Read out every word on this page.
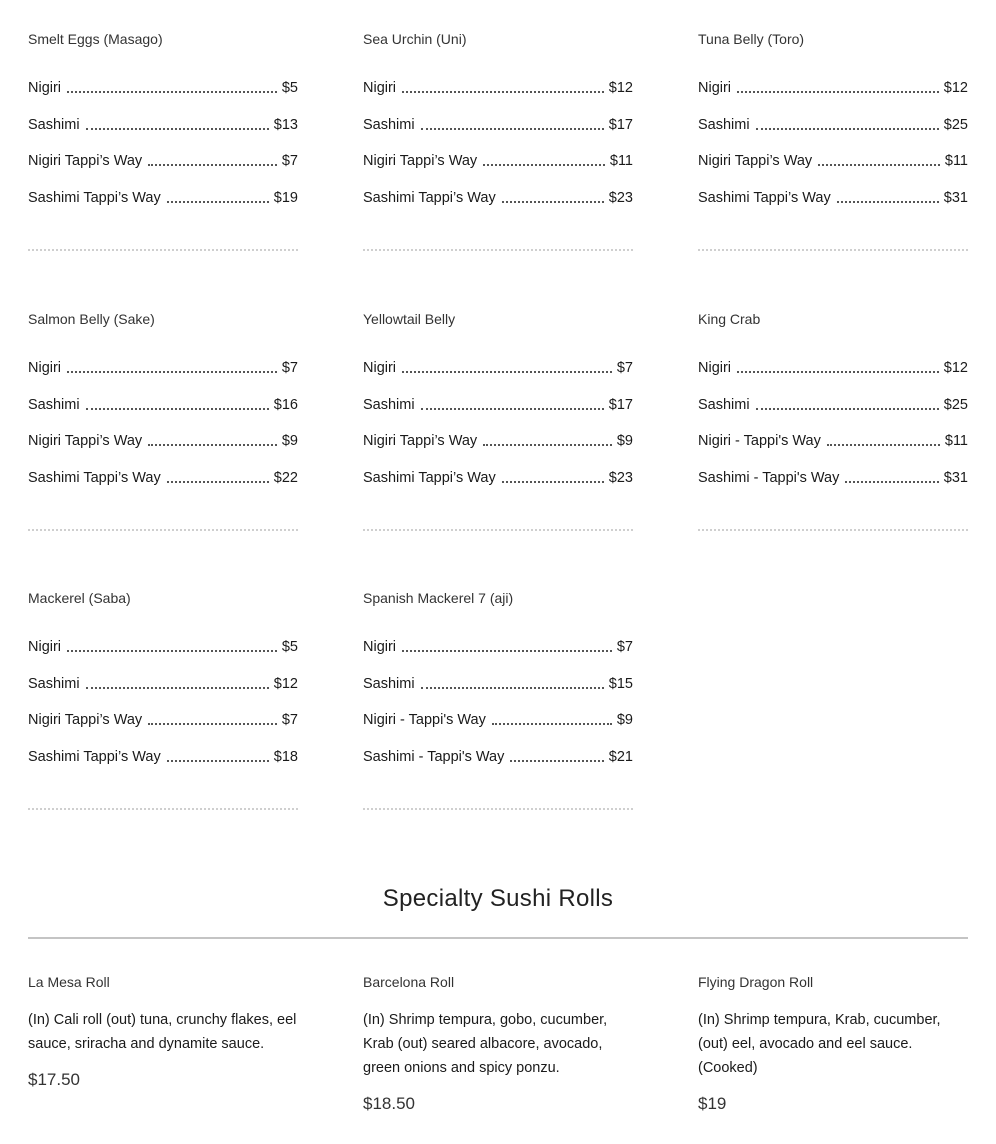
Smelt Eggs (Masago)
Nigiri	$5
Sashimi	$13
Nigiri Tappi’s Way	$7
Sashimi Tappi’s Way	$19
Sea Urchin (Uni)
Nigiri	$12
Sashimi	$17
Nigiri Tappi’s Way	$11
Sashimi Tappi’s Way	$23
Tuna Belly (Toro)
Nigiri	$12
Sashimi	$25
Nigiri Tappi’s Way	$11
Sashimi Tappi’s Way	$31
Salmon Belly (Sake)
Nigiri	$7
Sashimi	$16
Nigiri Tappi’s Way	$9
Sashimi Tappi’s Way	$22
Yellowtail Belly
Nigiri	$7
Sashimi	$17
Nigiri Tappi’s Way	$9
Sashimi Tappi’s Way	$23
King Crab
Nigiri	$12
Sashimi	$25
Nigiri - Tappi's Way	$11
Sashimi - Tappi's Way	$31
Mackerel (Saba)
Nigiri	$5
Sashimi	$12
Nigiri Tappi’s Way	$7
Sashimi Tappi’s Way	$18
Spanish Mackerel 7 (aji)
Nigiri	$7
Sashimi	$15
Nigiri - Tappi's Way	$9
Sashimi - Tappi's Way	$21
Specialty Sushi Rolls
La Mesa Roll
(In) Cali roll (out) tuna, crunchy flakes, eel sauce, sriracha and dynamite sauce.
$17.50
Barcelona Roll
(In) Shrimp tempura, gobo, cucumber, Krab (out) seared albacore, avocado, green onions and spicy ponzu.
$18.50
Flying Dragon Roll
(In) Shrimp tempura, Krab, cucumber, (out) eel, avocado and eel sauce. (Cooked)
$19
